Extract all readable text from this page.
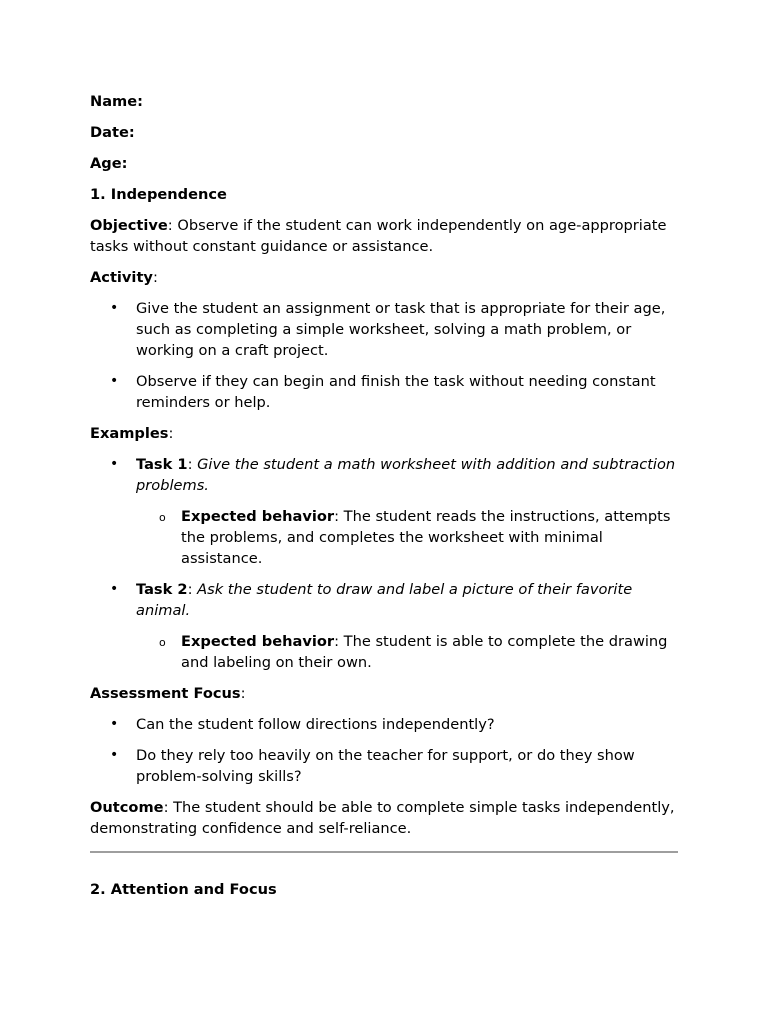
Name:

Date:

Age:

1. Independence

Objective: Observe if the student can work independently on age-appropriate tasks without constant guidance or assistance.

Activity:

• Give the student an assignment or task that is appropriate for their age, such as completing a simple worksheet, solving a math problem, or working on a craft project.
• Observe if they can begin and finish the task without needing constant reminders or help.

Examples:

• Task 1: Give the student a math worksheet with addition and subtraction problems.
o Expected behavior: The student reads the instructions, attempts the problems, and completes the worksheet with minimal assistance.
• Task 2: Ask the student to draw and label a picture of their favorite animal.
o Expected behavior: The student is able to complete the drawing and labeling on their own.

Assessment Focus:

• Can the student follow directions independently?
• Do they rely too heavily on the teacher for support, or do they show problem-solving skills?

Outcome: The student should be able to complete simple tasks independently, demonstrating confidence and self-reliance.

2. Attention and Focus
